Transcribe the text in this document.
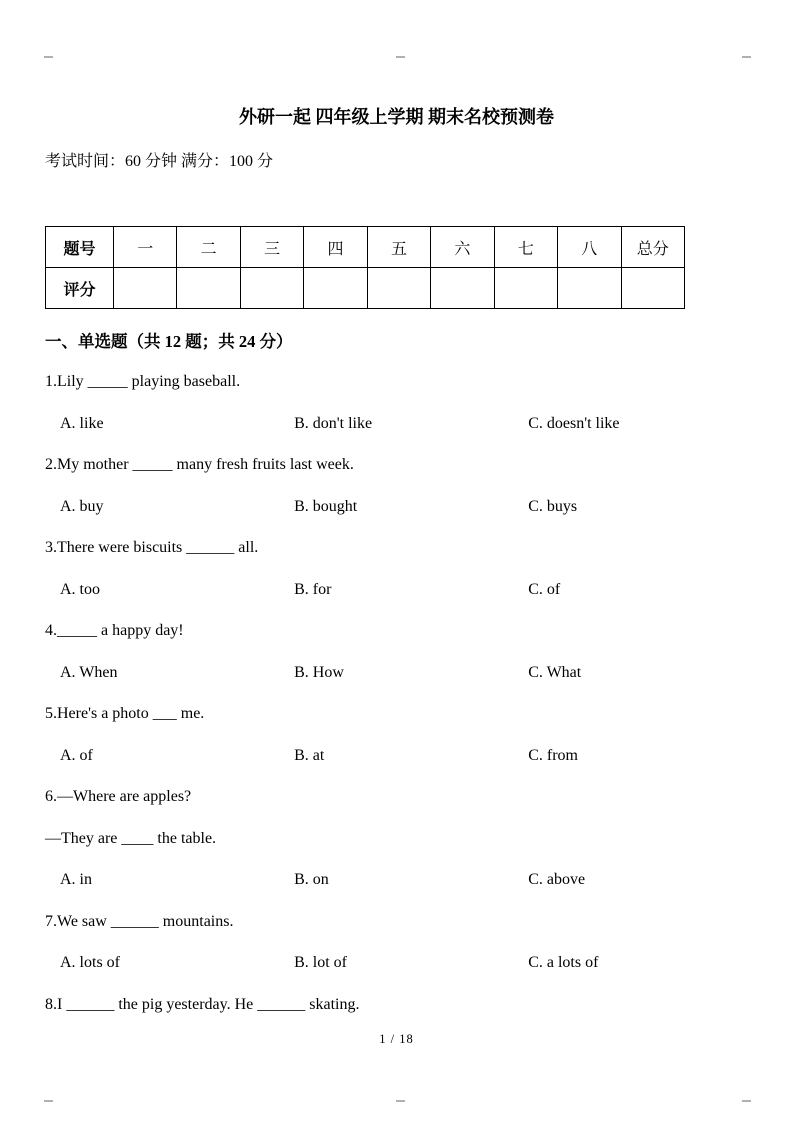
外研一起 四年级上学期 期末名校预测卷

考试时间：60 分钟 满分：100 分

题号	一	二	三	四	五	六	七	八	总分
评分									
一、单选题（共 12 题；共 24 分）

1.Lily _____ playing baseball.

A. like	B. don't like	C. doesn't like

2.My mother _____ many fresh fruits last week.

A. buy	B. bought	C. buys

3.There were biscuits ______ all.

A. too	B. for	C. of

4._____ a happy day!

A. When	B. How	C. What

5.Here's a photo ___ me.

A. of	B. at	C. from

6.—Where are apples?

—They are ____ the table.

A. in	B. on	C. above

7.We saw ______ mountains.

A. lots of	B. lot of	C. a lots of

8.I ______ the pig yesterday. He ______ skating.

1 / 18
